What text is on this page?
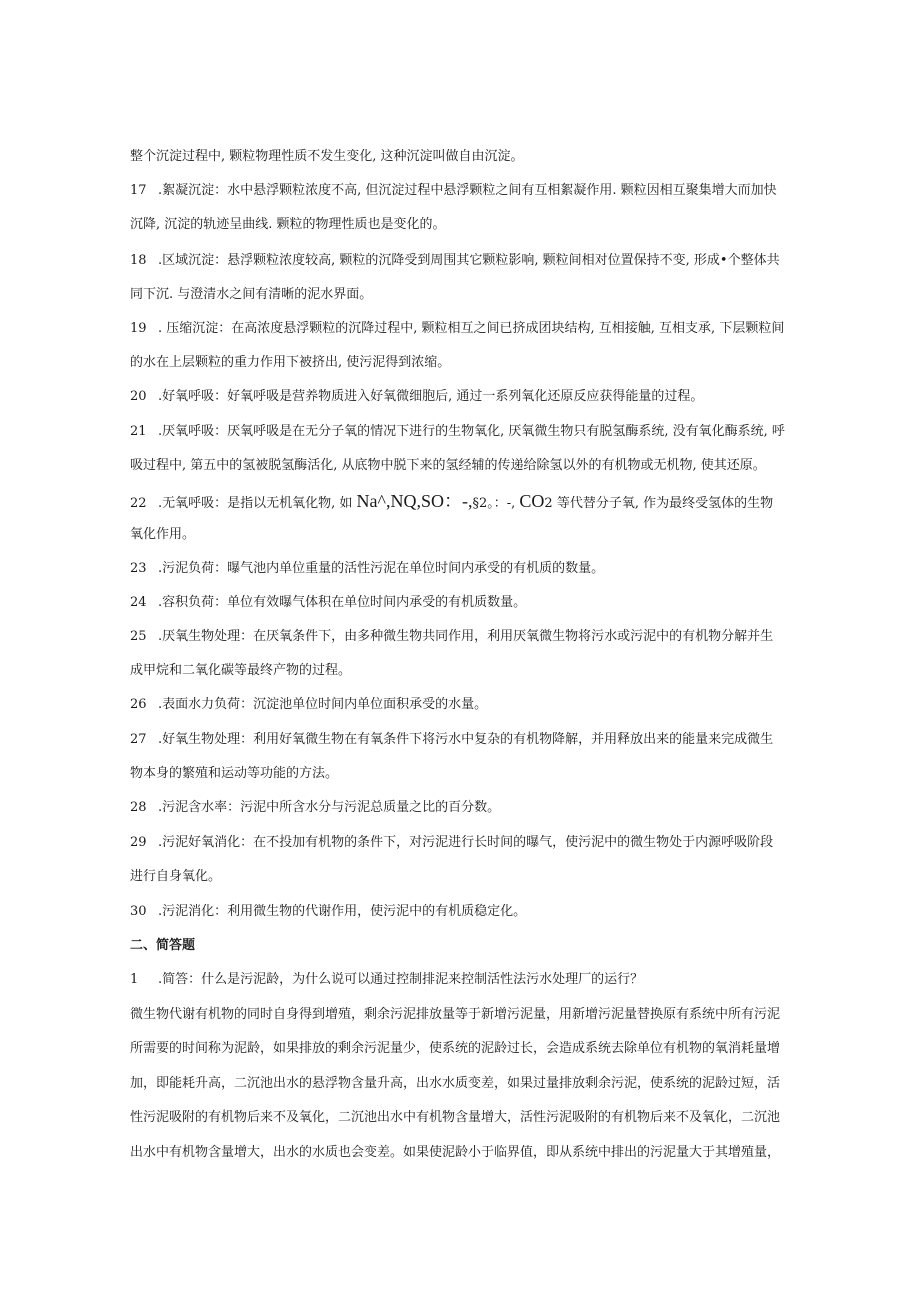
整个沉淀过程中, 颗粒物理性质不发生变化, 这种沉淀叫做自由沉淀。
17 .絮凝沉淀：水中悬浮颗粒浓度不高, 但沉淀过程中悬浮颗粒之间有互相絮凝作用. 颗粒因相互聚集增大而加快
沉降, 沉淀的轨迹呈曲线. 颗粒的物理性质也是变化的。
18 .区域沉淀：悬浮颗粒浓度较高, 颗粒的沉降受到周围其它颗粒影响, 颗粒间相对位置保持不变, 形成•个整体共
同下沉. 与澄清水之间有清晰的泥水界面。
19 . 压缩沉淀：在高浓度悬浮颗粒的沉降过程中, 颗粒相互之间已挤成团块结构, 互相接触, 互相支承, 下层颗粒间
的水在上层颗粒的重力作用下被挤出, 使污泥得到浓缩。
20 .好氧呼吸：好氧呼吸是营养物质进入好氧微细胞后, 通过一系列氧化还原反应获得能量的过程。
21 .厌氧呼吸：厌氧呼吸是在无分子氧的情况下进行的生物氧化, 厌氧微生物只有脱氢酶系统, 没有氧化酶系统, 呼
吸过程中, 第五中的氢被脱氢酶活化, 从底物中脱下来的氢经辅的传递给除氢以外的有机物或无机物, 使其还原。
22 .无氧呼吸：是指以无机氧化物, 如 Na^,NQ,SO：-,§2。：-, CO2 等代替分子氧, 作为最终受氢体的生物
氧化作用。
23 .污泥负荷：曝气池内单位重量的活性污泥在单位时间内承受的有机质的数量。
24 .容积负荷：单位有效曝气体积在单位时间内承受的有机质数量。
25 .厌氧生物处理：在厌氧条件下，由多种微生物共同作用，利用厌氧微生物将污水或污泥中的有机物分解并生
成甲烷和二氧化碳等最终产物的过程。
26 .表面水力负荷：沉淀池单位时间内单位面积承受的水量。
27 .好氧生物处理：利用好氧微生物在有氧条件下将污水中复杂的有机物降解，并用释放出来的能量来完成微生
物本身的繁殖和运动等功能的方法。
28 .污泥含水率：污泥中所含水分与污泥总质量之比的百分数。
29 .污泥好氧消化：在不投加有机物的条件下，对污泥进行长时间的曝气，使污泥中的微生物处于内源呼吸阶段
进行自身氧化。
30 .污泥消化：利用微生物的代谢作用，使污泥中的有机质稳定化。
二、简答题
1 .简答：什么是污泥龄，为什么说可以通过控制排泥来控制活性法污水处理厂的运行？
微生物代谢有机物的同时自身得到增殖，剩余污泥排放量等于新增污泥量，用新增污泥量替换原有系统中所有污泥
所需要的时间称为泥龄，如果排放的剩余污泥量少，使系统的泥龄过长，会造成系统去除单位有机物的氧消耗量增
加，即能耗升高，二沉池出水的悬浮物含量升高，出水水质变差，如果过量排放剩余污泥，使系统的泥龄过短，活
性污泥吸附的有机物后来不及氧化，二沉池出水中有机物含量增大，活性污泥吸附的有机物后来不及氧化，二沉池
出水中有机物含量增大，出水的水质也会变差。如果使泥龄小于临界值，即从系统中排出的污泥量大于其增殖量，
